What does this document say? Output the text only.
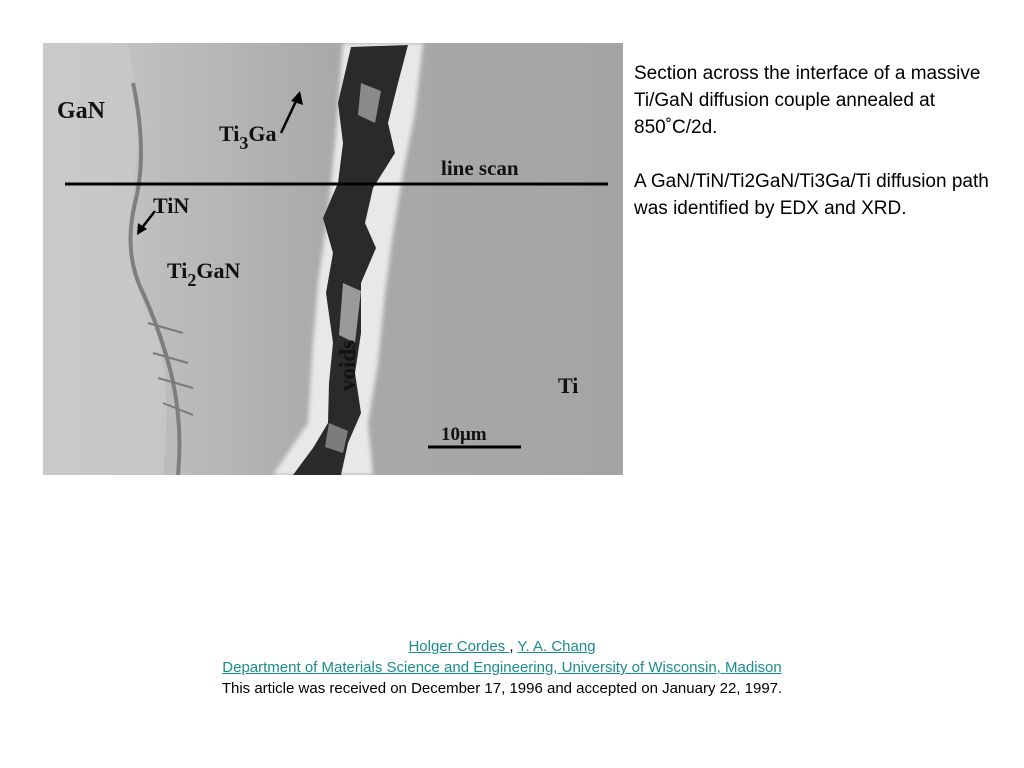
GaN
$Ti_3Ga$
line scan
TiN
$Ti_2GaN$
voids	Ti
10μm

Section across the interface of a massive Ti/GaN diffusion couple annealed at 850˚C/2d.

A GaN/TiN/Ti2GaN/Ti3Ga/Ti diffusion path was identified by EDX and XRD.

Holger Cordes , Y. A. Chang
Department of Materials Science and Engineering, University of Wisconsin, Madison
This article was received on December 17, 1996 and accepted on January 22, 1997.
